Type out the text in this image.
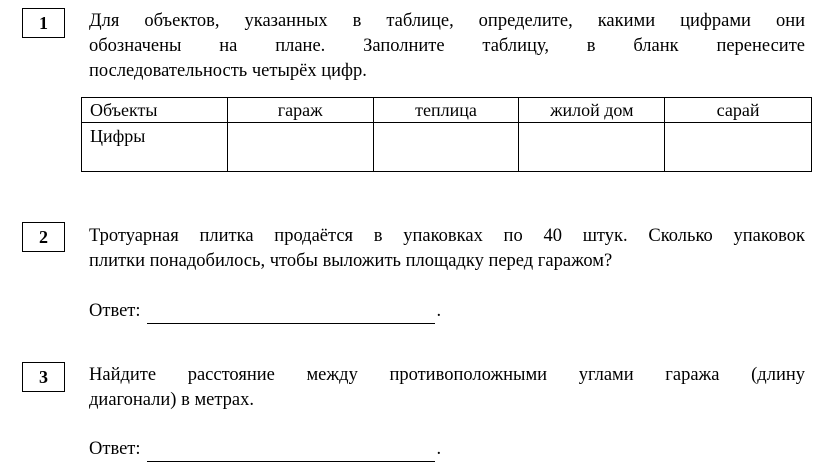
1 Для объектов, указанных в таблице, определите, какими цифрами они
обозначены на плане. Заполните таблицу, в бланк перенесите
последовательность четырёх цифр.
Объекты	гараж	теплица	жилой дом	сарай
Цифры				
2 Тротуарная плитка продаётся в упаковках по 40 штук. Сколько упаковок
плитки понадобилось, чтобы выложить площадку перед гаражом?
Ответ:	.
3 Найдите расстояние между противоположными углами гаража (длину
диагонали) в метрах.
Ответ:	.
